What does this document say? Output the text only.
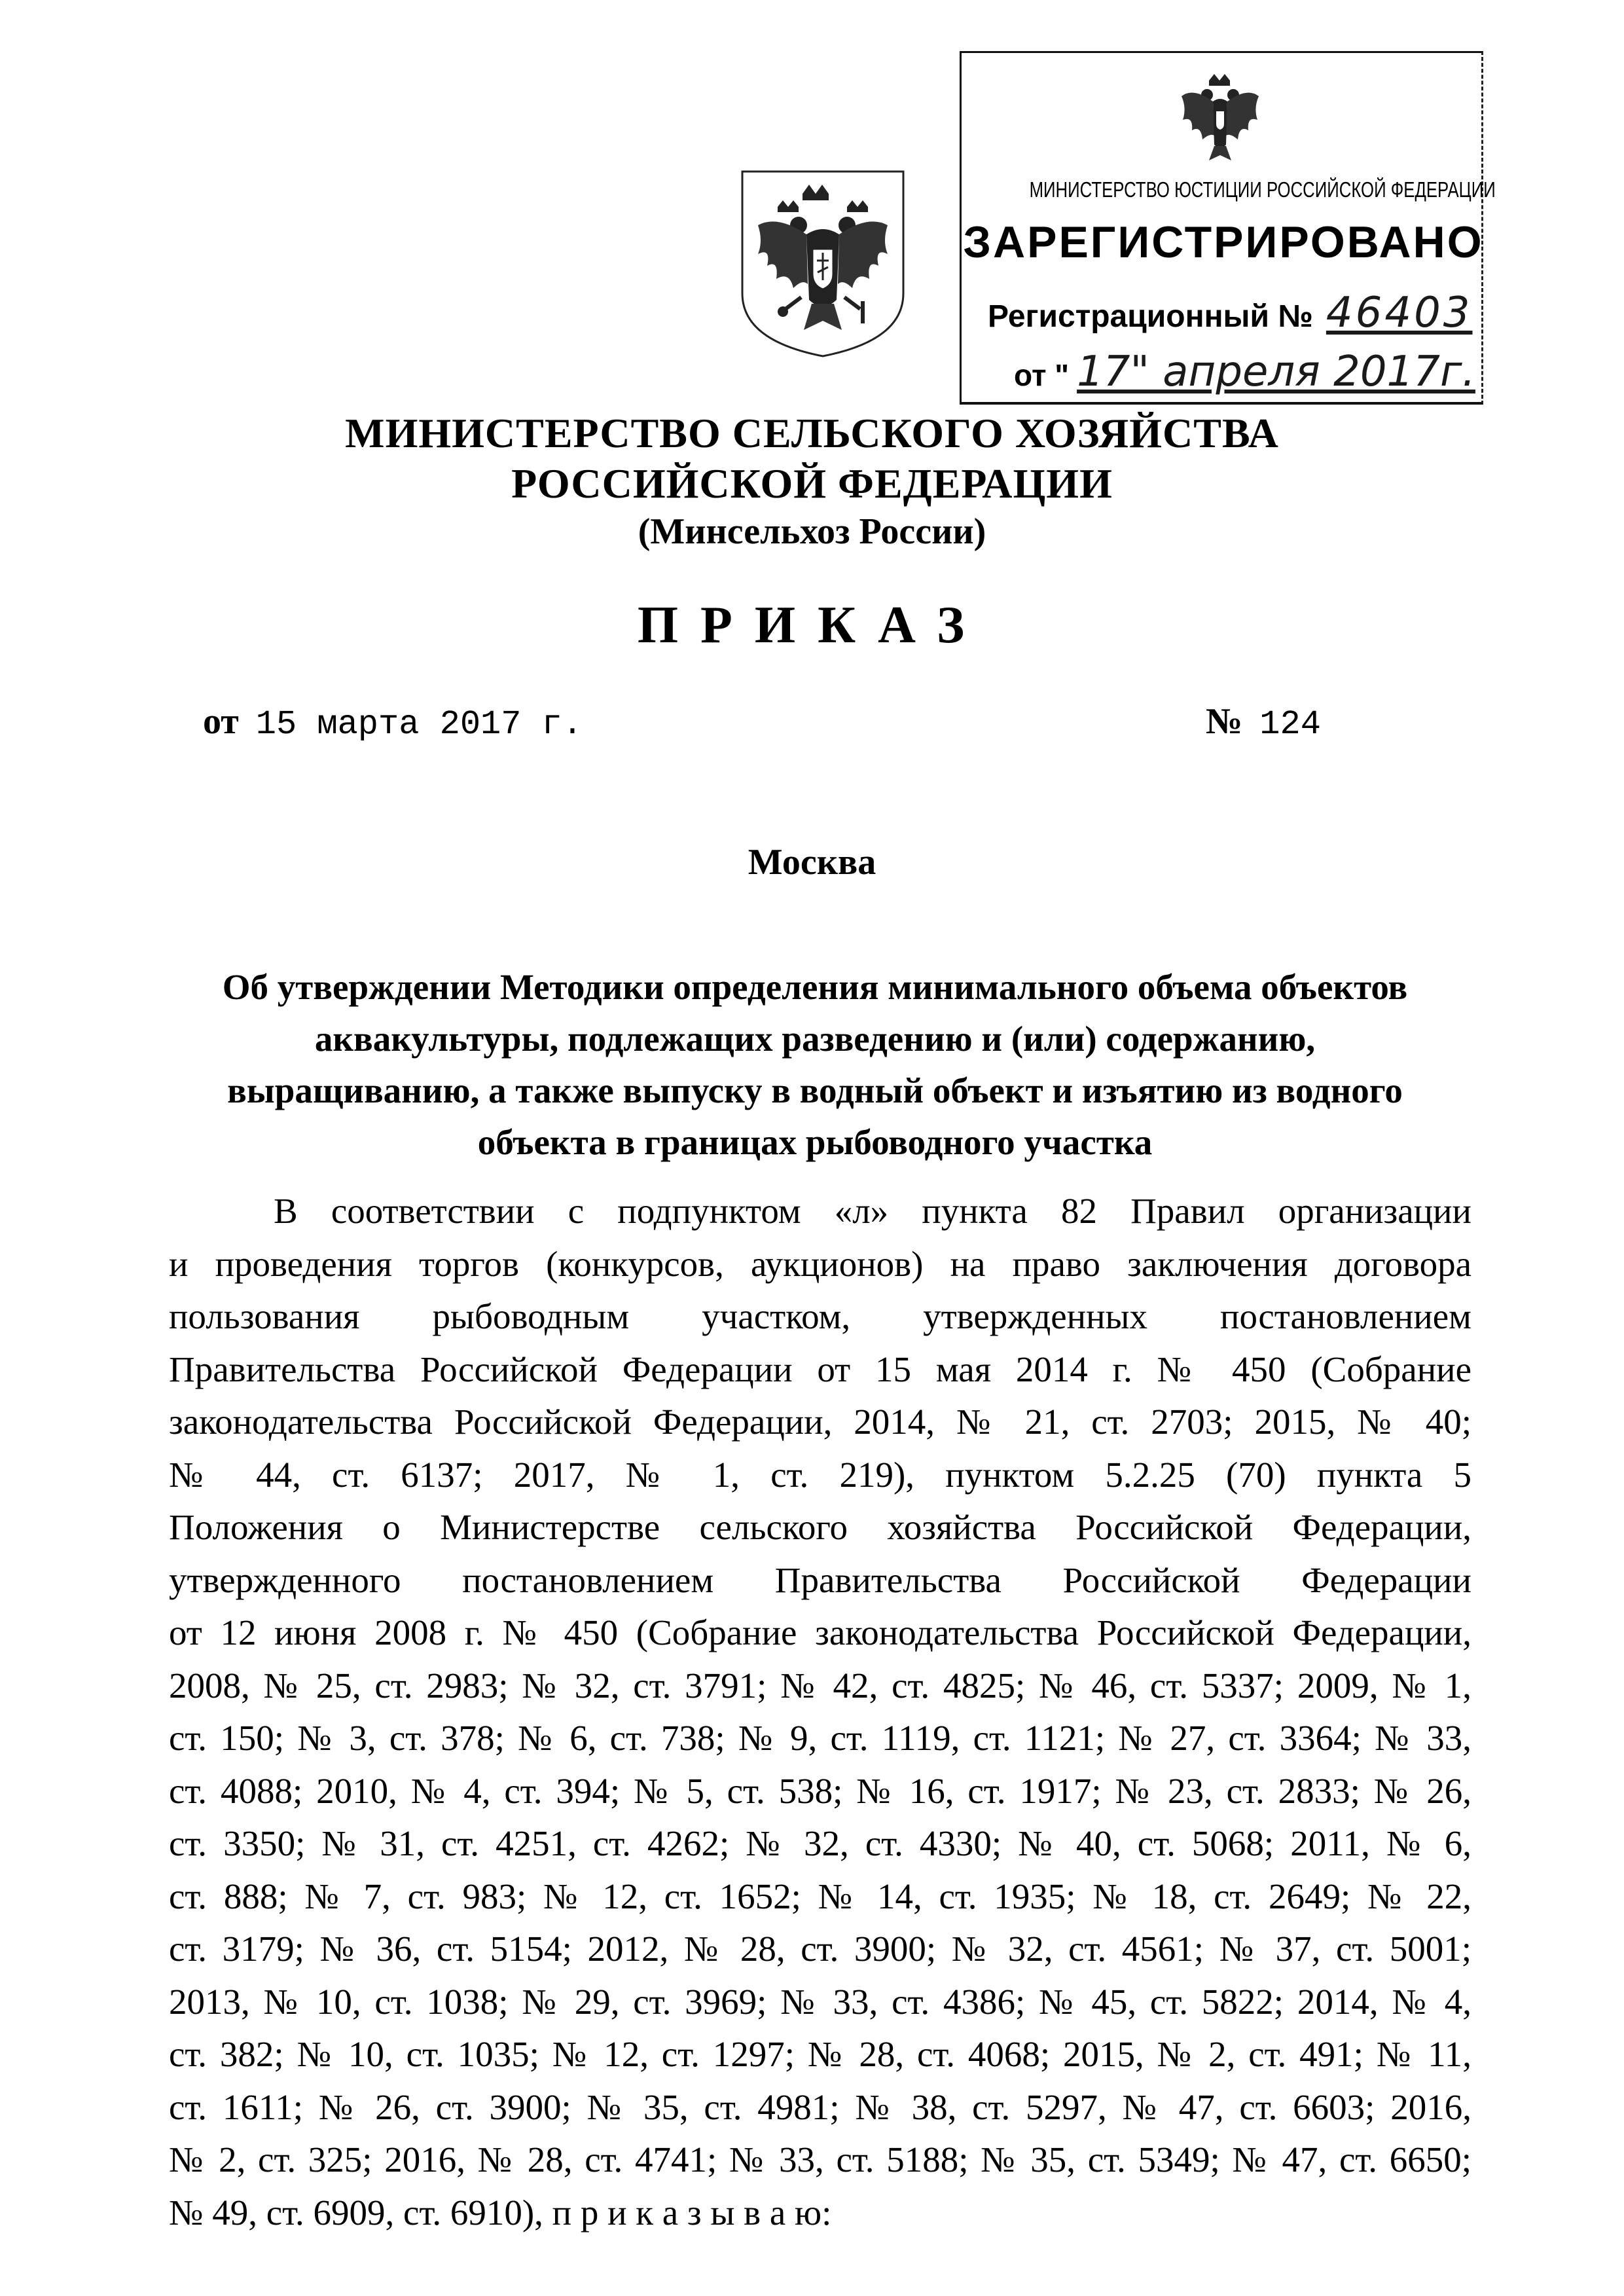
МИНИСТЕРСТВО ЮСТИЦИИ РОССИЙСКОЙ ФЕДЕРАЦИИ
ЗАРЕГИСТРИРОВАНО
Регистрационный № 46403
от " 17" апреля 2017г.
МИНИСТЕРСТВО СЕЛЬСКОГО ХОЗЯЙСТВА
РОССИЙСКОЙ ФЕДЕРАЦИИ
(Минсельхоз России)
ПРИКАЗ
от 15 марта 2017 г.	№ 124
Москва
Об утверждении Методики определения минимального объема объектов
аквакультуры, подлежащих разведению и (или) содержанию,
выращиванию, а также выпуску в водный объект и изъятию из водного
объекта в границах рыбоводного участка
В соответствии с подпунктом «л» пункта 82 Правил организации
и проведения торгов (конкурсов, аукционов) на право заключения договора
пользования рыбоводным участком, утвержденных постановлением
Правительства Российской Федерации от 15 мая 2014 г. № 450 (Собрание
законодательства Российской Федерации, 2014, № 21, ст. 2703; 2015, № 40;
№ 44, ст. 6137; 2017, № 1, ст. 219), пунктом 5.2.25 (70) пункта 5
Положения о Министерстве сельского хозяйства Российской Федерации,
утвержденного постановлением Правительства Российской Федерации
от 12 июня 2008 г. № 450 (Собрание законодательства Российской Федерации,
2008, № 25, ст. 2983; № 32, ст. 3791; № 42, ст. 4825; № 46, ст. 5337; 2009, № 1,
ст. 150; № 3, ст. 378; № 6, ст. 738; № 9, ст. 1119, ст. 1121; № 27, ст. 3364; № 33,
ст. 4088; 2010, № 4, ст. 394; № 5, ст. 538; № 16, ст. 1917; № 23, ст. 2833; № 26,
ст. 3350; № 31, ст. 4251, ст. 4262; № 32, ст. 4330; № 40, ст. 5068; 2011, № 6,
ст. 888; № 7, ст. 983; № 12, ст. 1652; № 14, ст. 1935; № 18, ст. 2649; № 22,
ст. 3179; № 36, ст. 5154; 2012, № 28, ст. 3900; № 32, ст. 4561; № 37, ст. 5001;
2013, № 10, ст. 1038; № 29, ст. 3969; № 33, ст. 4386; № 45, ст. 5822; 2014, № 4,
ст. 382; № 10, ст. 1035; № 12, ст. 1297; № 28, ст. 4068; 2015, № 2, ст. 491; № 11,
ст. 1611; № 26, ст. 3900; № 35, ст. 4981; № 38, ст. 5297, № 47, ст. 6603; 2016,
№ 2, ст. 325; 2016, № 28, ст. 4741; № 33, ст. 5188; № 35, ст. 5349; № 47, ст. 6650;
№ 49, ст. 6909, ст. 6910), п р и к а з ы в а ю:
